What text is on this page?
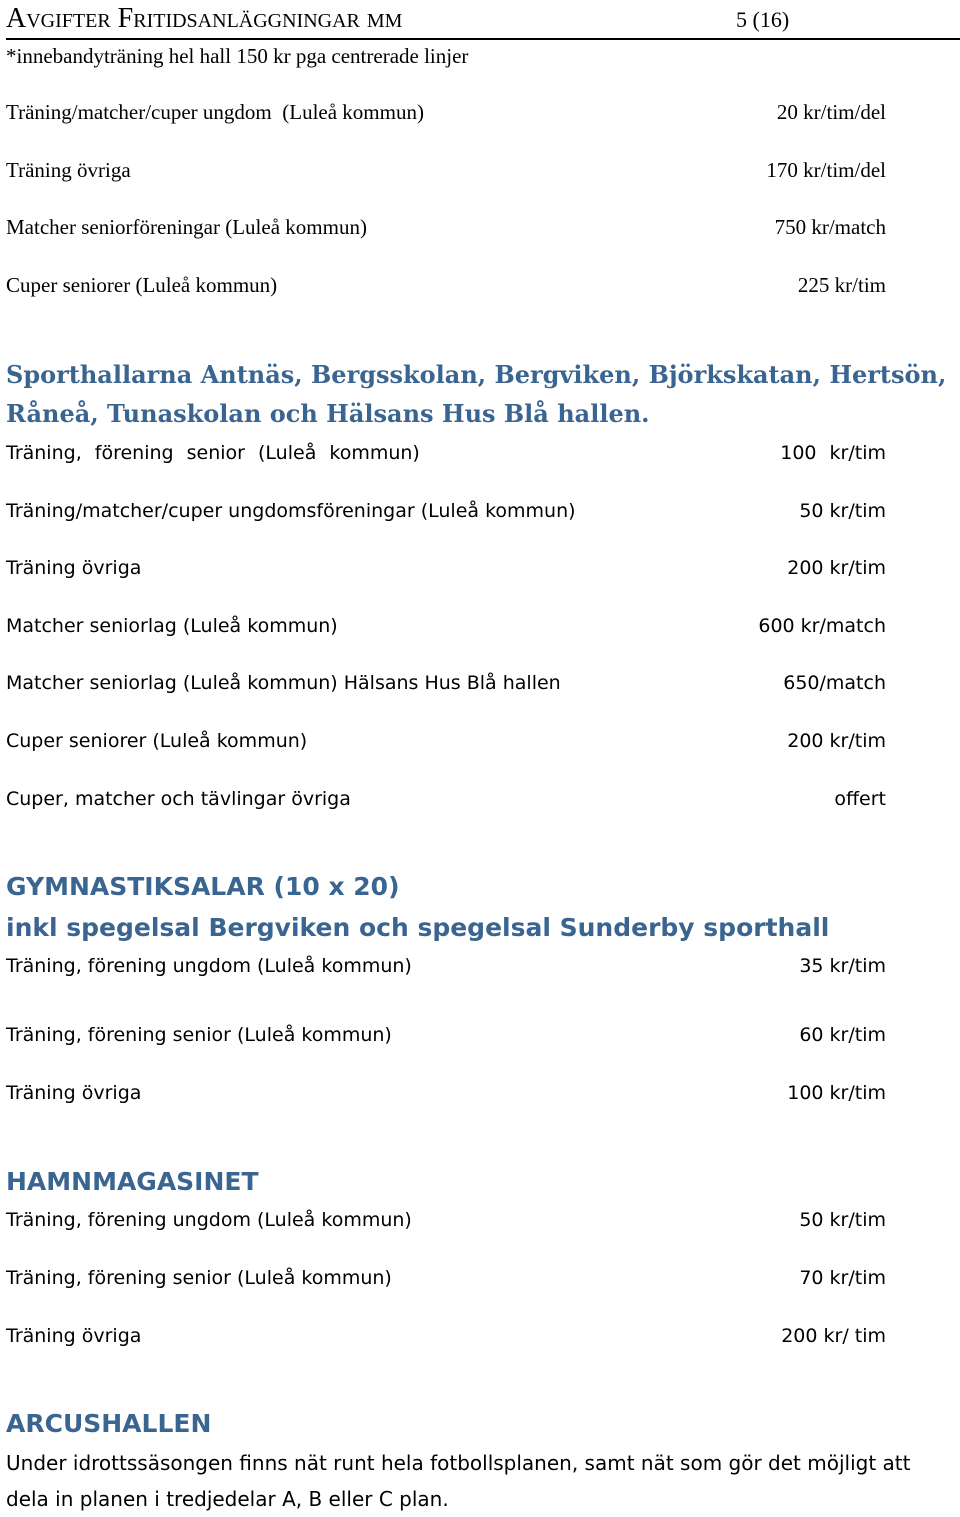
Avgifter Fritidsanläggningar mm	5 (16)
*innebandyträning hel hall 150 kr pga centrerade linjer
Träning/matcher/cuper ungdom  (Luleå kommun)	20 kr/tim/del
Träning övriga	170 kr/tim/del
Matcher seniorföreningar (Luleå kommun)	750 kr/match
Cuper seniorer (Luleå kommun)	225 kr/tim
Sporthallarna Antnäs, Bergsskolan, Bergviken, Björkskatan, Hertsön,
Råneå, Tunaskolan och Hälsans Hus Blå hallen.
Träning, förening senior (Luleå kommun)	100 kr/tim
Träning/matcher/cuper ungdomsföreningar (Luleå kommun)	50 kr/tim
Träning övriga	200 kr/tim
Matcher seniorlag (Luleå kommun)	600 kr/match
Matcher seniorlag (Luleå kommun) Hälsans Hus Blå hallen	650/match
Cuper seniorer (Luleå kommun)	200 kr/tim
Cuper, matcher och tävlingar övriga	offert
GYMNASTIKSALAR (10 x 20)
inkl spegelsal Bergviken och spegelsal Sunderby sporthall
Träning, förening ungdom (Luleå kommun)	35 kr/tim
Träning, förening senior (Luleå kommun)	60 kr/tim
Träning övriga	100 kr/tim
HAMNMAGASINET
Träning, förening ungdom (Luleå kommun)	50 kr/tim
Träning, förening senior (Luleå kommun)	70 kr/tim
Träning övriga	200 kr/ tim
ARCUSHALLEN
Under idrottssäsongen finns nät runt hela fotbollsplanen, samt nät som gör det möjligt att dela in planen i tredjedelar A, B eller C plan.
